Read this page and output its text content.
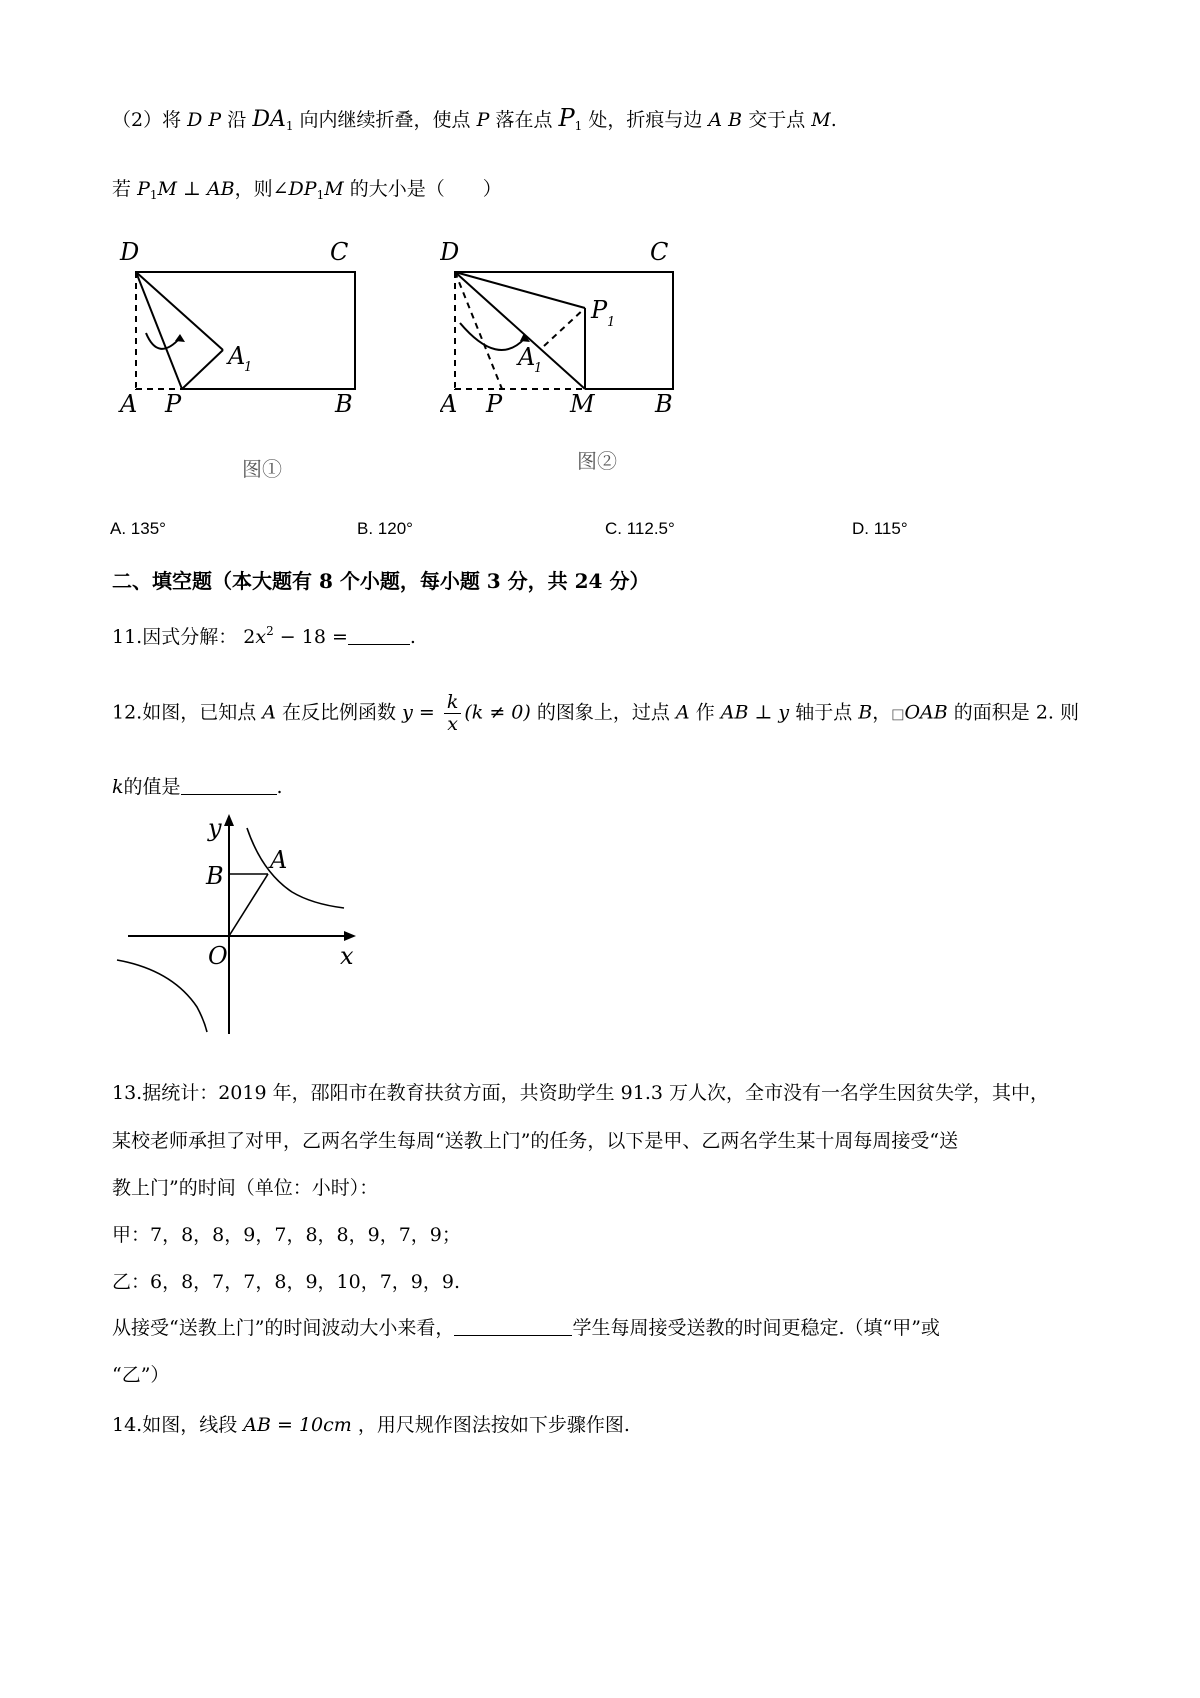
（2）将 D P 沿 $DA_1$ 向内继续折叠，使点 P 落在点 $P_1$ 处，折痕与边 A B 交于点 M.
若 $P_1M$ ⊥ AB，则$\angle DP_1M$ 的大小是（　　）
D	C
A P	B
A
1
图①
D	C
A P	M	B
P 1
A
1
图②
A. 135°	B. 120°	C. 112.5°	D. 115°
二、填空题（本大题有 8 个小题，每小题 3 分，共 24 分）
11.因式分解： $2x^2 - 18$ =	.
12.如图，已知点 A 在反比例函数 $y = \frac{k}{x} (k \ne 0)$ 的图象上，过点 A 作 AB ⊥ y 轴于点 B，□OAB 的面积是 2. 则
k的值是	.
y
x
B
A
O
13.据统计：2019 年，邵阳市在教育扶贫方面，共资助学生 91.3 万人次，全市没有一名学生因贫失学，其中，
某校老师承担了对甲，乙两名学生每周“送教上门”的任务，以下是甲、乙两名学生某十周每周接受“送
教上门”的时间（单位：小时）：
甲：7，8，8，9，7，8，8，9，7，9；
乙：6，8，7，7，8，9，10，7，9，9.
从接受“送教上门”的时间波动大小来看，	学生每周接受送教的时间更稳定.（填“甲”或
“乙”）
14.如图，线段 AB = 10cm ，用尺规作图法按如下步骤作图.
